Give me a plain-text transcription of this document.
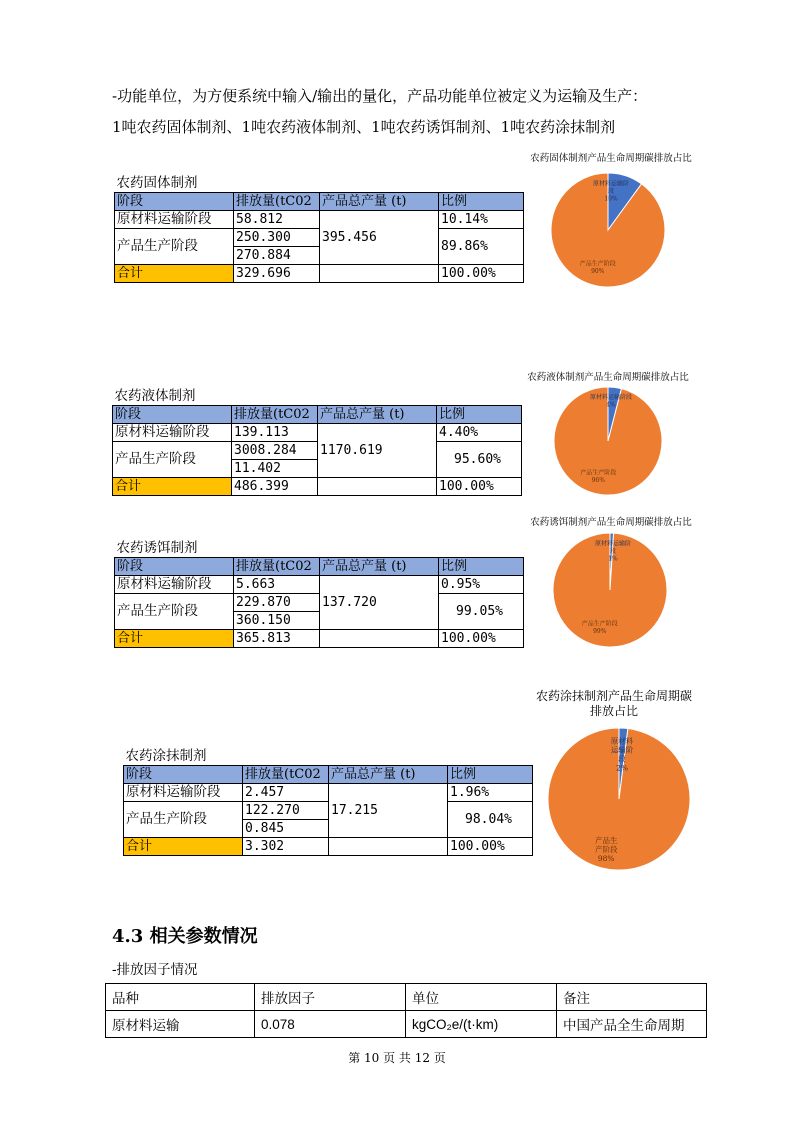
-功能单位，为方便系统中输入/输出的量化，产品功能单位被定义为运输及生产：
1吨农药固体制剂、1吨农药液体制剂、1吨农药诱饵制剂、1吨农药涂抹制剂
农药固体制剂			
阶段	排放量(tC02	产品总产量 (t)	比例
原材料运输阶段	58.812	395.456	10.14%
产品生产阶段	250.300		89.86%
	270.884		
合计	329.696		100.00%
农药液体制剂			
阶段	排放量(tC02	产品总产量 (t)	比例
原材料运输阶段	139.113	1170.619	4.40%
产品生产阶段	3008.284		95.60%
	11.402		
合计	486.399		100.00%
农药诱饵制剂			
阶段	排放量(tC02	产品总产量 (t)	比例
原材料运输阶段	5.663	137.720	0.95%
产品生产阶段	229.870		99.05%
	360.150		
合计	365.813		100.00%
农药涂抹制剂			
阶段	排放量(tC02	产品总产量 (t)	比例
原材料运输阶段	2.457	17.215	1.96%
产品生产阶段	122.270		98.04%
	0.845		
合计	3.302		100.00%
农药固体制剂产品生命周期碳排放占比
原材料运输阶段 10%
产品生产阶段 90%
农药液体制剂产品生命周期碳排放占比
原材料运输阶段 4%
产品生产阶段 96%
农药诱饵制剂产品生命周期碳排放占比
原材料运输阶段 1%
产品生产阶段 99%
农药涂抹制剂产品生命周期碳排放占比
原材料运输阶段 2%
产品生产阶段 98%
4.3 相关参数情况
-排放因子情况
品种	排放因子	单位	备注
原材料运输	0.078	kgCO₂e/(t·km)	中国产品全生命周期
第 10 页 共 12 页
